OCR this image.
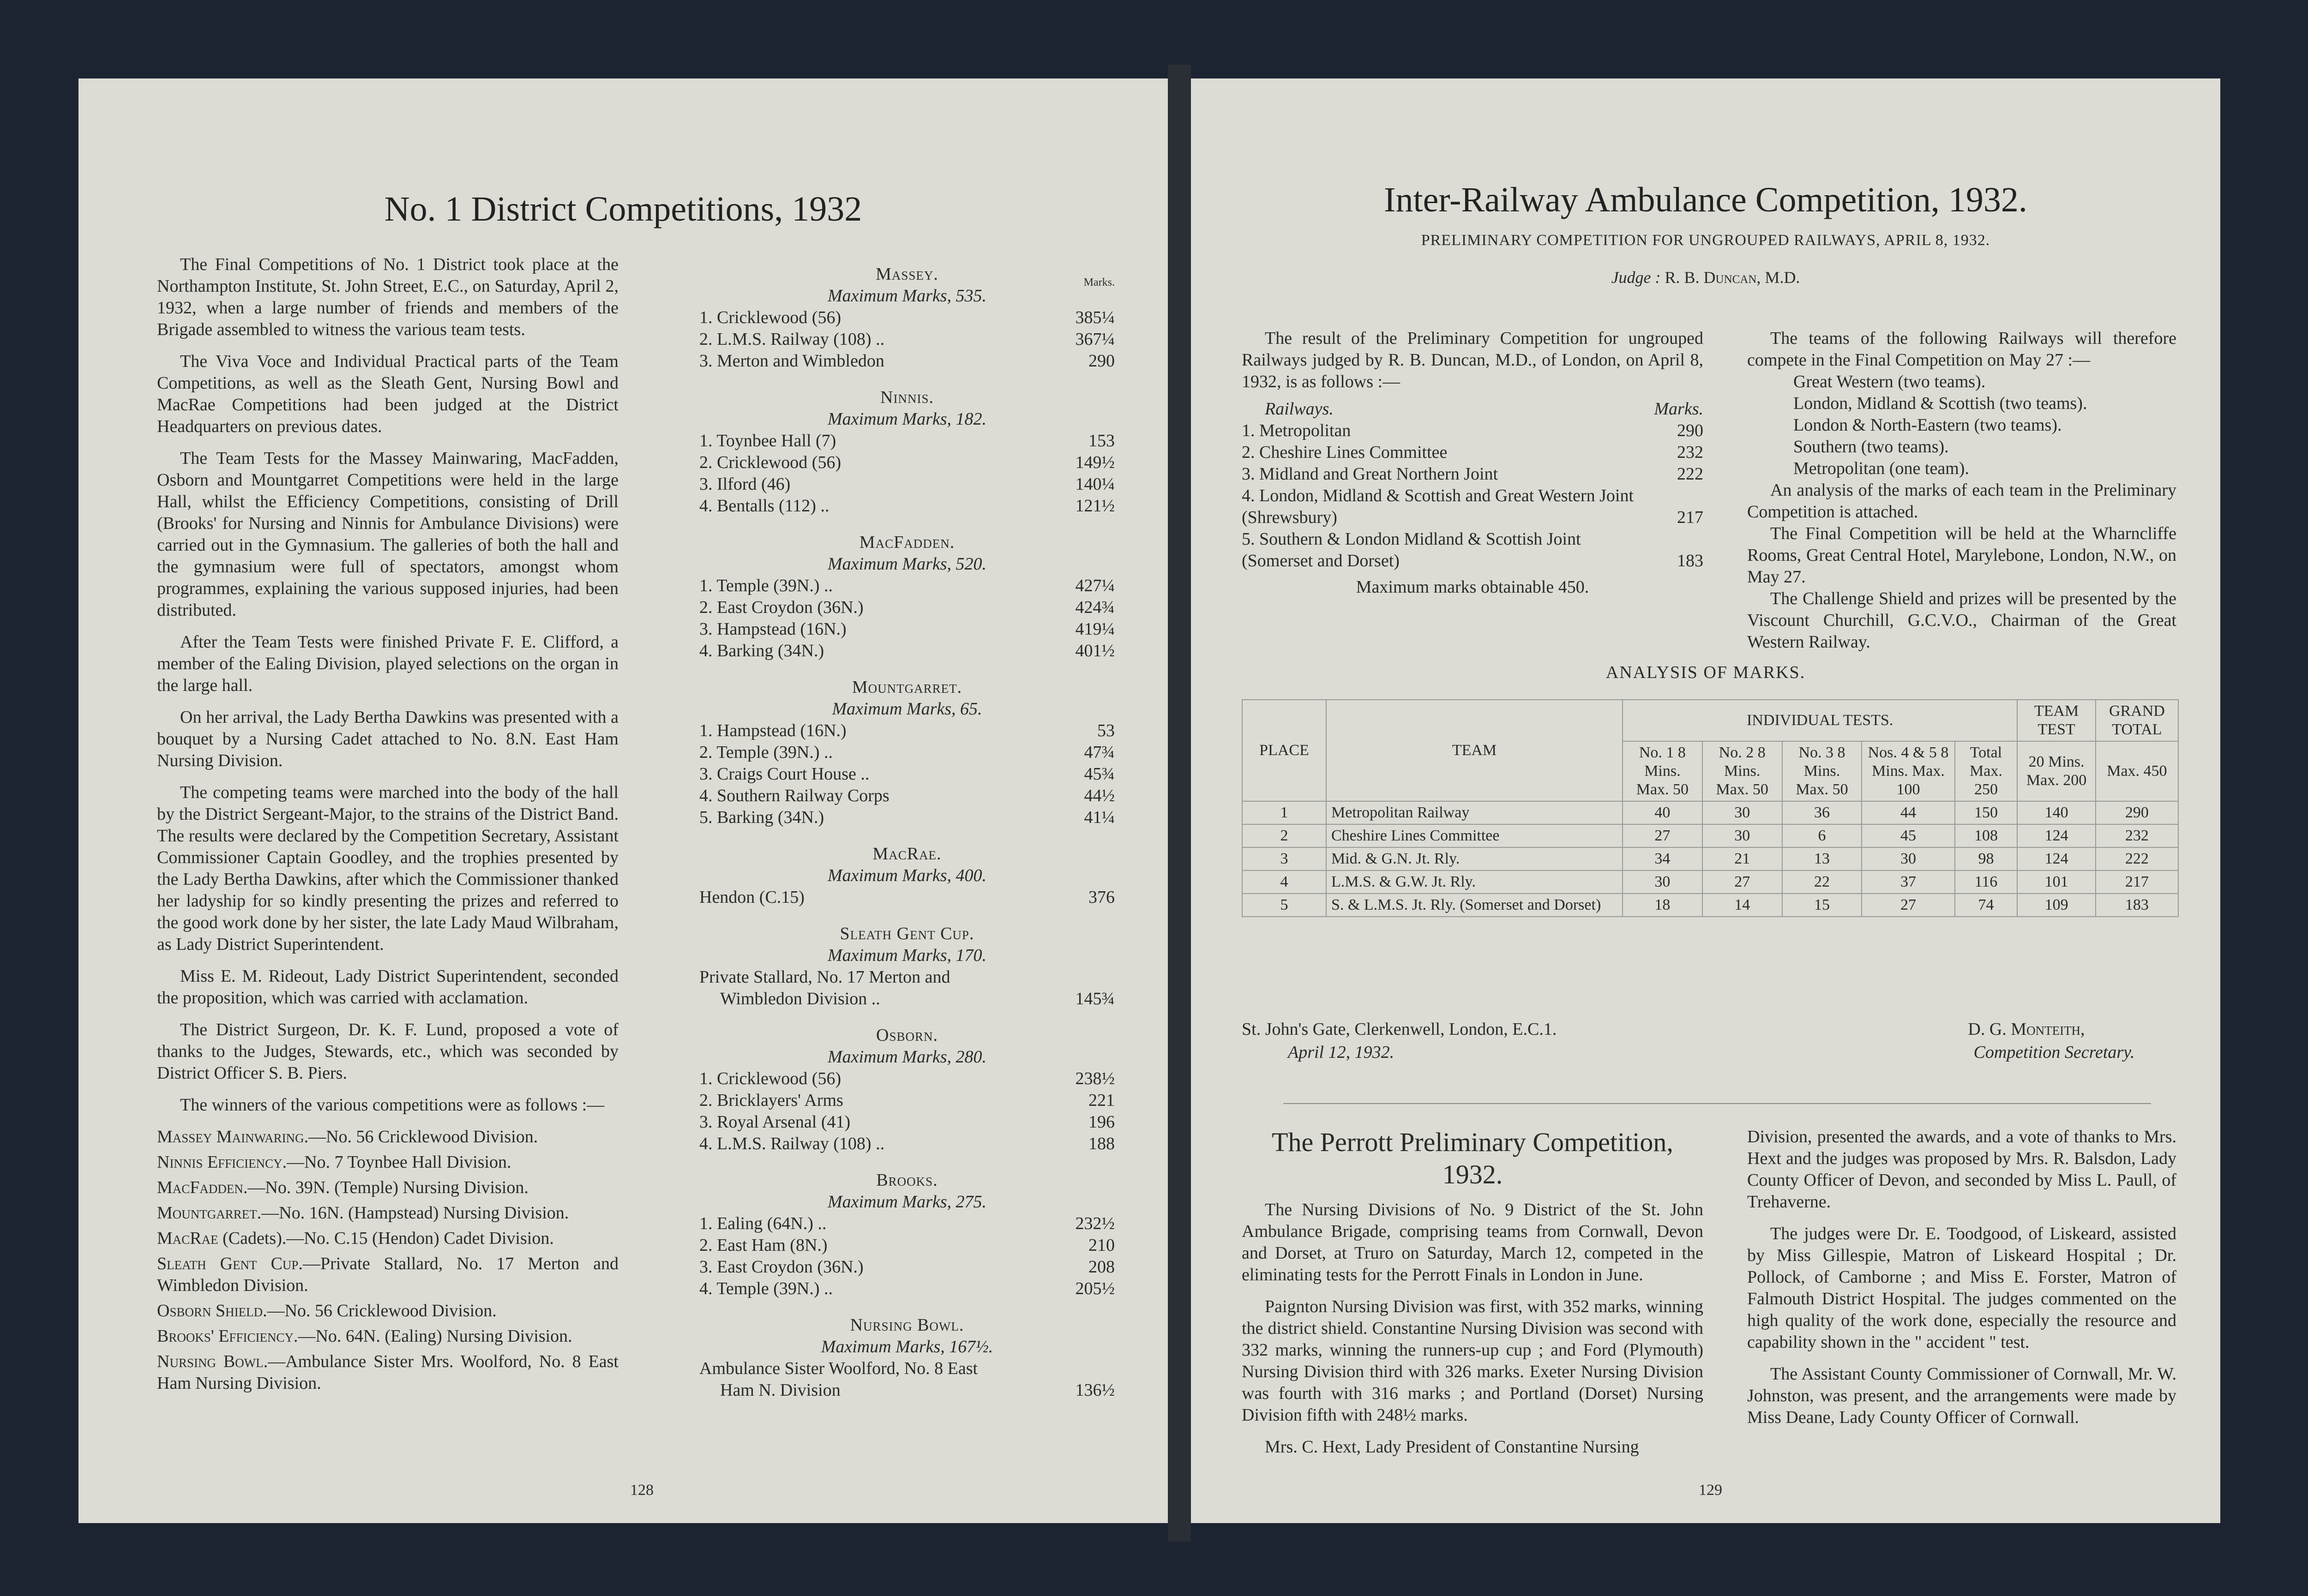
No. 1 District Competitions, 1932

The Final Competitions of No. 1 District took place at the Northampton Institute, St. John Street, E.C., on Saturday, April 2, 1932, when a large number of friends and members of the Brigade assembled to witness the various team tests.

The Viva Voce and Individual Practical parts of the Team Competitions, as well as the Sleath Gent, Nursing Bowl and MacRae Competitions had been judged at the District Headquarters on previous dates.

The Team Tests for the Massey Mainwaring, MacFadden, Osborn and Mountgarret Competitions were held in the large Hall, whilst the Efficiency Competitions, consisting of Drill (Brooks' for Nursing and Ninnis for Ambulance Divisions) were carried out in the Gymnasium. The galleries of both the hall and the gymnasium were full of spectators, amongst whom programmes, explaining the various supposed injuries, had been distributed.

After the Team Tests were finished Private F. E. Clifford, a member of the Ealing Division, played selections on the organ in the large hall.

On her arrival, the Lady Bertha Dawkins was presented with a bouquet by a Nursing Cadet attached to No. 8.N. East Ham Nursing Division.

The competing teams were marched into the body of the hall by the District Sergeant-Major, to the strains of the District Band. The results were declared by the Competition Secretary, Assistant Commissioner Captain Goodley, and the trophies presented by the Lady Bertha Dawkins, after which the Commissioner thanked her ladyship for so kindly presenting the prizes and referred to the good work done by her sister, the late Lady Maud Wilbraham, as Lady District Superintendent.

Miss E. M. Rideout, Lady District Superintendent, seconded the proposition, which was carried with acclamation.

The District Surgeon, Dr. K. F. Lund, proposed a vote of thanks to the Judges, Stewards, etc., which was seconded by District Officer S. B. Piers.

The winners of the various competitions were as follows :—

Massey Mainwaring.—No. 56 Cricklewood Division.

Ninnis Efficiency.—No. 7 Toynbee Hall Division.

MacFadden.—No. 39N. (Temple) Nursing Division.

Mountgarret.—No. 16N. (Hampstead) Nursing Division.

MacRae (Cadets).—No. C.15 (Hendon) Cadet Division.

Sleath Gent Cup.—Private Stallard, No. 17 Merton and Wimbledon Division.

Osborn Shield.—No. 56 Cricklewood Division.

Brooks' Efficiency.—No. 64N. (Ealing) Nursing Division.

Nursing Bowl.—Ambulance Sister Mrs. Woolford, No. 8 East Ham Nursing Division.

Marks.
Massey.
Maximum Marks, 535.
1. Cricklewood (56)	385¼
2. L.M.S. Railway (108) ..	367¼
3. Merton and Wimbledon	290
Ninnis.
Maximum Marks, 182.
1. Toynbee Hall (7)	153
2. Cricklewood (56)	149½
3. Ilford (46)	140¼
4. Bentalls (112) ..	121½
MacFadden.
Maximum Marks, 520.
1. Temple (39N.) ..	427¼
2. East Croydon (36N.)	424¾
3. Hampstead (16N.)	419¼
4. Barking (34N.)	401½
Mountgarret.
Maximum Marks, 65.
1. Hampstead (16N.)	53
2. Temple (39N.) ..	47¾
3. Craigs Court House ..	45¾
4. Southern Railway Corps	44½
5. Barking (34N.)	41¼
MacRae.
Maximum Marks, 400.
Hendon (C.15)	376
Sleath Gent Cup.
Maximum Marks, 170.
Private Stallard, No. 17 Merton and
Wimbledon Division ..	145¾
Osborn.
Maximum Marks, 280.
1. Cricklewood (56)	238½
2. Bricklayers' Arms	221
3. Royal Arsenal (41)	196
4. L.M.S. Railway (108) ..	188
Brooks.
Maximum Marks, 275.
1. Ealing (64N.) ..	232½
2. East Ham (8N.)	210
3. East Croydon (36N.)	208
4. Temple (39N.) ..	205½
Nursing Bowl.
Maximum Marks, 167½.
Ambulance Sister Woolford, No. 8 East
Ham N. Division	136½
128
Inter-Railway Ambulance Competition, 1932.
PRELIMINARY COMPETITION FOR UNGROUPED RAILWAYS, APRIL 8, 1932.
Judge : R. B. Duncan, M.D.

The result of the Preliminary Competition for ungrouped Railways judged by R. B. Duncan, M.D., of London, on April 8, 1932, is as follows :—

Railways.	Marks.
1. Metropolitan	290
2. Cheshire Lines Committee	232
3. Midland and Great Northern Joint	222
4. London, Midland & Scottish and Great Western Joint (Shrewsbury)	217
5. Southern & London Midland & Scottish Joint (Somerset and Dorset)	183
Maximum marks obtainable 450.

The teams of the following Railways will therefore compete in the Final Competition on May 27 :—

Great Western (two teams).
London, Midland & Scottish (two teams).
London & North-Eastern (two teams).
Southern (two teams).
Metropolitan (one team).

An analysis of the marks of each team in the Preliminary Competition is attached.

The Final Competition will be held at the Wharncliffe Rooms, Great Central Hotel, Marylebone, London, N.W., on May 27.

The Challenge Shield and prizes will be presented by the Viscount Churchill, G.C.V.O., Chairman of the Great Western Railway.

ANALYSIS OF MARKS.
PLACE	TEAM	INDIVIDUAL TESTS.					TEAM TEST	GRAND TOTAL
		No. 1 8 Mins. Max. 50	No. 2 8 Mins. Max. 50	No. 3 8 Mins. Max. 50	Nos. 4 & 5 8 Mins. Max. 100	Total Max. 250	20 Mins. Max. 200	Max. 450
1	Metropolitan Railway	40	30	36	44	150	140	290
2	Cheshire Lines Committee	27	30	6	45	108	124	232
3	Mid. & G.N. Jt. Rly.	34	21	13	30	98	124	222
4	L.M.S. & G.W. Jt. Rly.	30	27	22	37	116	101	217
5	S. & L.M.S. Jt. Rly. (Somerset and Dorset)	18	14	15	27	74	109	183
St. John's Gate, Clerkenwell, London, E.C.1.
April 12, 1932.
D. G. Monteith,
Competition Secretary.
The Perrott Preliminary Competition, 1932.

The Nursing Divisions of No. 9 District of the St. John Ambulance Brigade, comprising teams from Cornwall, Devon and Dorset, at Truro on Saturday, March 12, competed in the eliminating tests for the Perrott Finals in London in June.

Paignton Nursing Division was first, with 352 marks, winning the district shield. Constantine Nursing Division was second with 332 marks, winning the runners-up cup ; and Ford (Plymouth) Nursing Division third with 326 marks. Exeter Nursing Division was fourth with 316 marks ; and Portland (Dorset) Nursing Division fifth with 248½ marks.

Mrs. C. Hext, Lady President of Constantine Nursing

Division, presented the awards, and a vote of thanks to Mrs. Hext and the judges was proposed by Mrs. R. Balsdon, Lady County Officer of Devon, and seconded by Miss L. Paull, of Trehaverne.

The judges were Dr. E. Toodgood, of Liskeard, assisted by Miss Gillespie, Matron of Liskeard Hospital ; Dr. Pollock, of Camborne ; and Miss E. Forster, Matron of Falmouth District Hospital. The judges commented on the high quality of the work done, especially the resource and capability shown in the " accident " test.

The Assistant County Commissioner of Cornwall, Mr. W. Johnston, was present, and the arrangements were made by Miss Deane, Lady County Officer of Cornwall.

129
